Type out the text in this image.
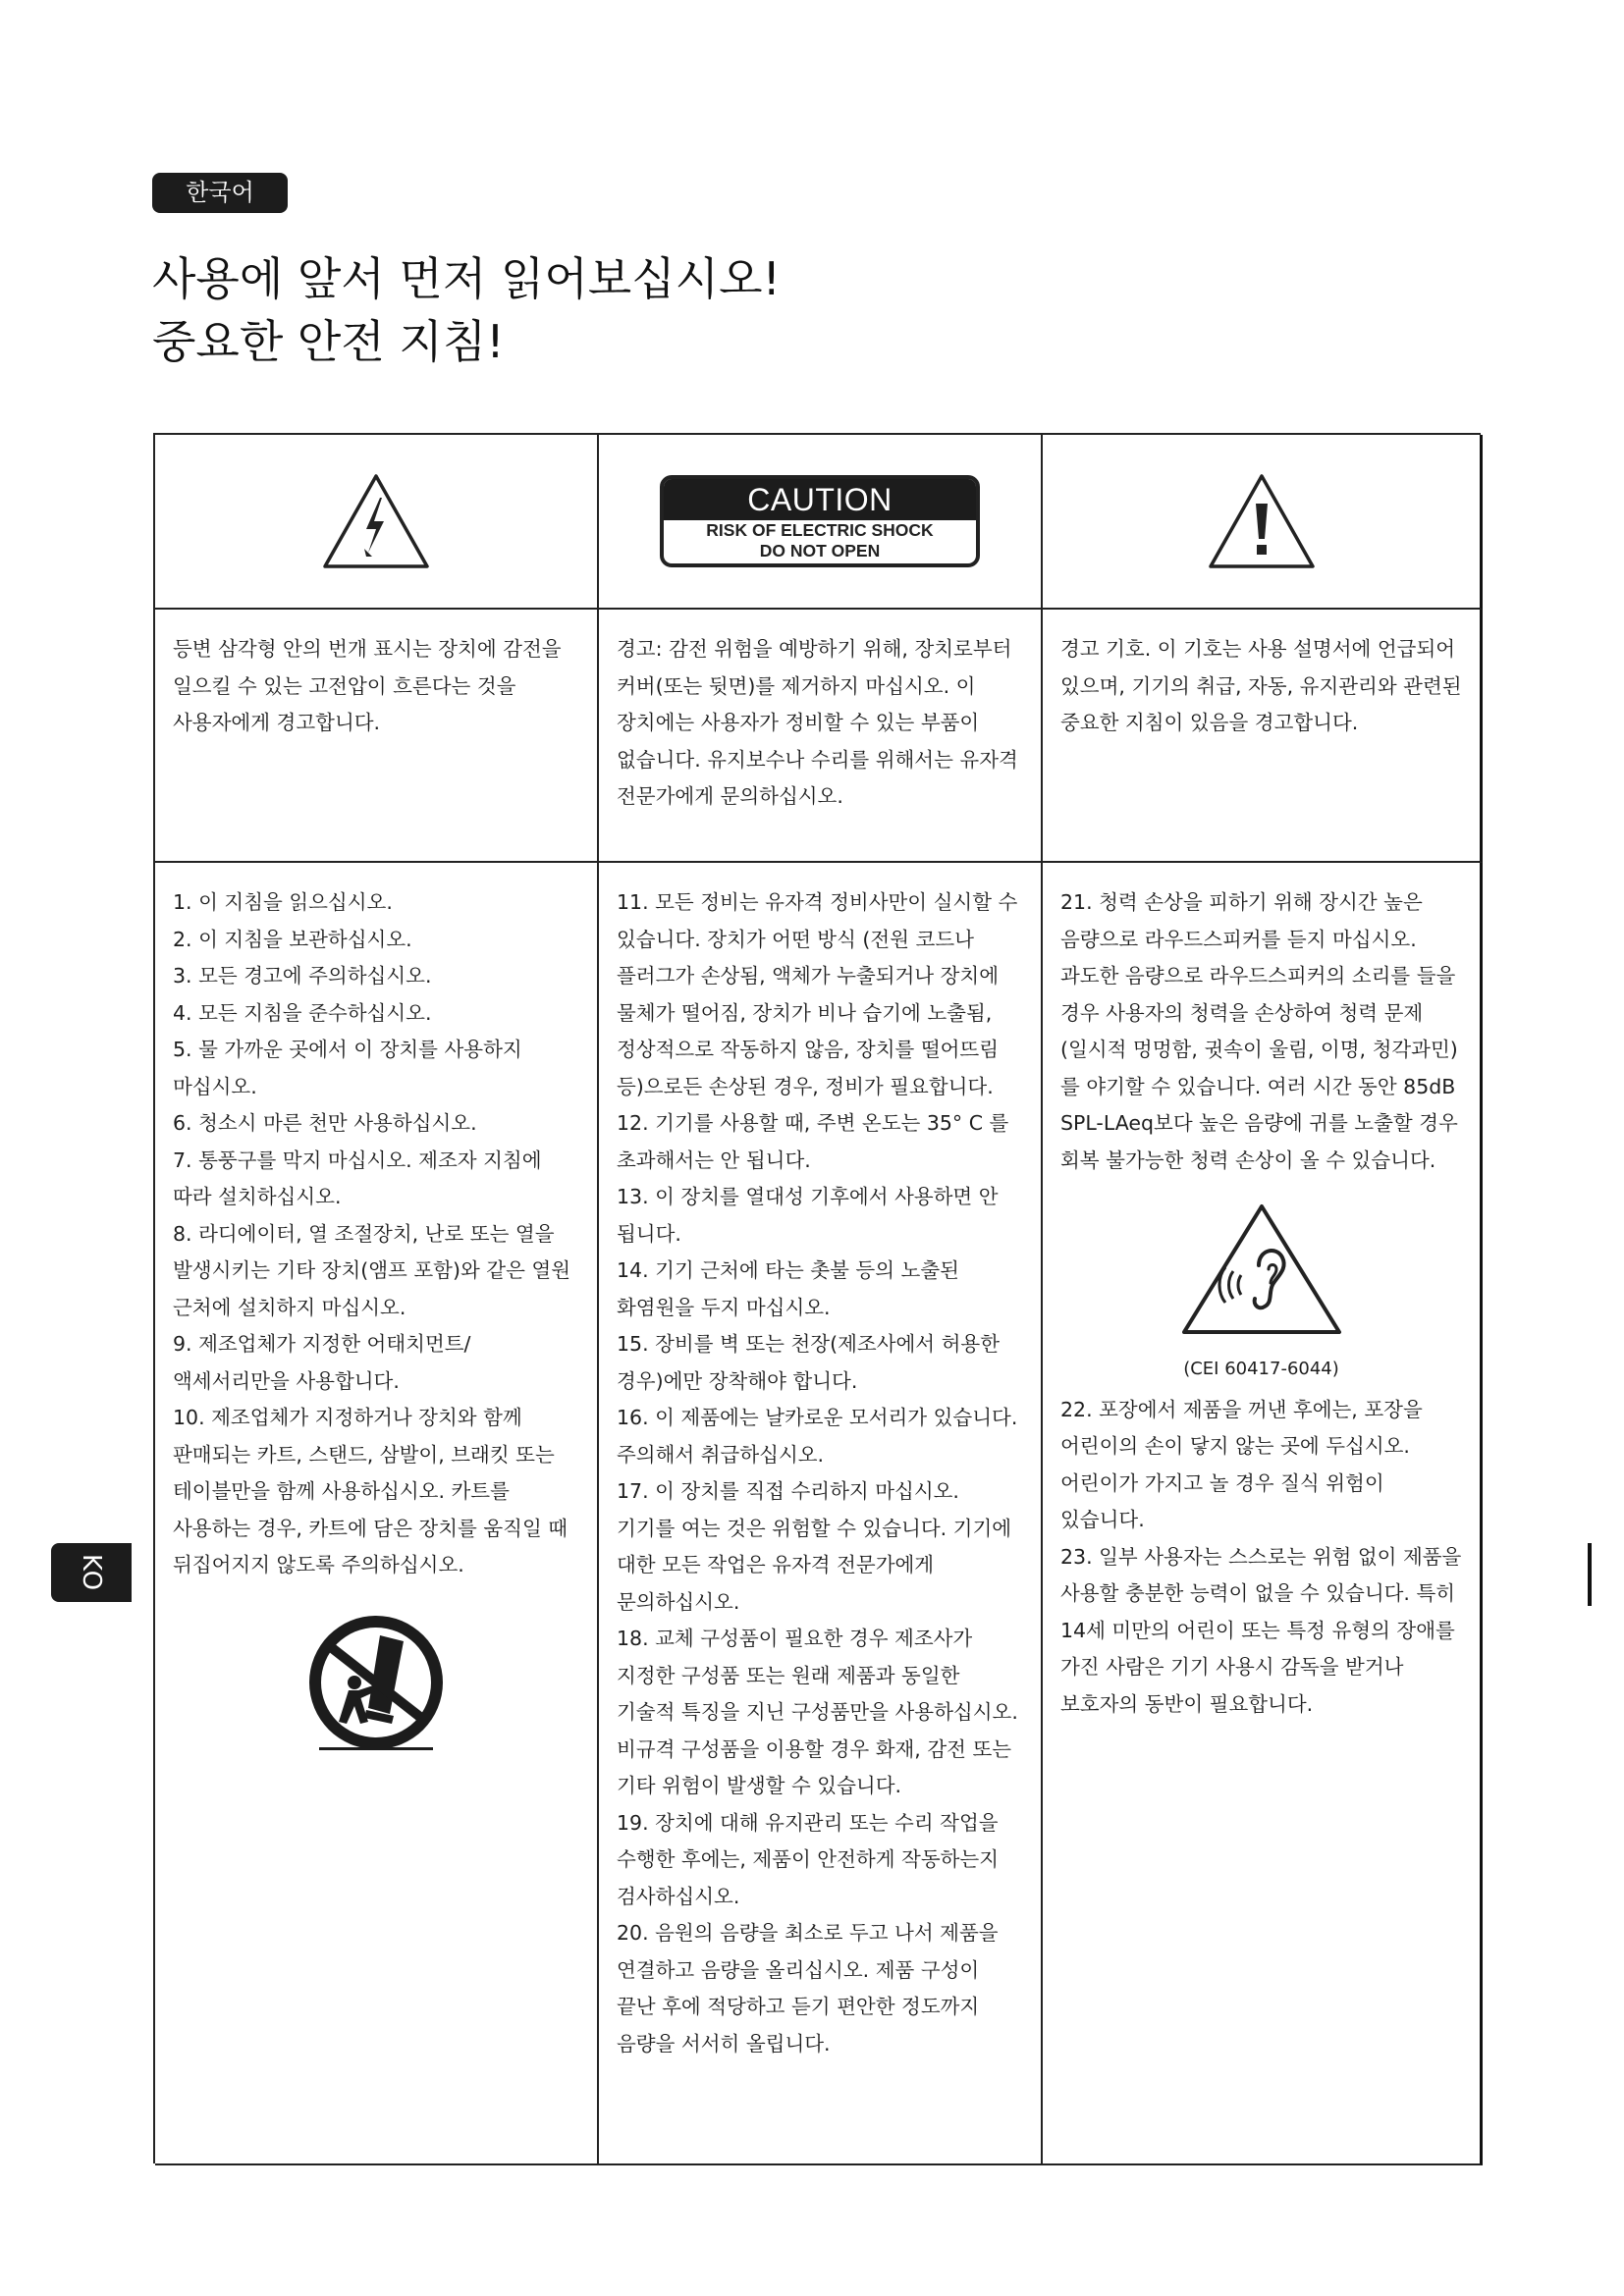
한국어
사용에 앞서 먼저 읽어보십시오!
중요한 안전 지침!
KO
CAUTION
RISK OF ELECTRIC SHOCK
DO NOT OPEN

등변 삼각형 안의 번개 표시는 장치에 감전을 일으킬 수 있는 고전압이 흐른다는 것을 사용자에게 경고합니다.

경고: 감전 위험을 예방하기 위해, 장치로부터 커버(또는 뒷면)를 제거하지 마십시오. 이 장치에는 사용자가 정비할 수 있는 부품이 없습니다. 유지보수나 수리를 위해서는 유자격 전문가에게 문의하십시오.

경고 기호. 이 기호는 사용 설명서에 언급되어 있으며, 기기의 취급, 자동, 유지관리와 관련된 중요한 지침이 있음을 경고합니다.

1. 이 지침을 읽으십시오.
2. 이 지침을 보관하십시오.
3. 모든 경고에 주의하십시오.
4. 모든 지침을 준수하십시오.
5. 물 가까운 곳에서 이 장치를 사용하지 마십시오.
6. 청소시 마른 천만 사용하십시오.
7. 통풍구를 막지 마십시오. 제조자 지침에 따라 설치하십시오.
8. 라디에이터, 열 조절장치, 난로 또는 열을 발생시키는 기타 장치(앰프 포함)와 같은 열원 근처에 설치하지 마십시오.
9. 제조업체가 지정한 어태치먼트/ 액세서리만을 사용합니다.
10. 제조업체가 지정하거나 장치와 함께 판매되는 카트, 스탠드, 삼발이, 브래킷 또는 테이블만을 함께 사용하십시오. 카트를 사용하는 경우, 카트에 담은 장치를 움직일 때 뒤집어지지 않도록 주의하십시오.
11. 모든 정비는 유자격 정비사만이 실시할 수 있습니다. 장치가 어떤 방식 (전원 코드나 플러그가 손상됨, 액체가 누출되거나 장치에 물체가 떨어짐, 장치가 비나 습기에 노출됨, 정상적으로 작동하지 않음, 장치를 떨어뜨림 등)으로든 손상된 경우, 정비가 필요합니다.
12. 기기를 사용할 때, 주변 온도는 35° C 를 초과해서는 안 됩니다.
13. 이 장치를 열대성 기후에서 사용하면 안 됩니다.
14. 기기 근처에 타는 촛불 등의 노출된 화염원을 두지 마십시오.
15. 장비를 벽 또는 천장(제조사에서 허용한 경우)에만 장착해야 합니다.
16. 이 제품에는 날카로운 모서리가 있습니다. 주의해서 취급하십시오.
17. 이 장치를 직접 수리하지 마십시오. 기기를 여는 것은 위험할 수 있습니다. 기기에 대한 모든 작업은 유자격 전문가에게 문의하십시오.
18. 교체 구성품이 필요한 경우 제조사가 지정한 구성품 또는 원래 제품과 동일한 기술적 특징을 지닌 구성품만을 사용하십시오. 비규격 구성품을 이용할 경우 화재, 감전 또는 기타 위험이 발생할 수 있습니다.
19. 장치에 대해 유지관리 또는 수리 작업을 수행한 후에는, 제품이 안전하게 작동하는지 검사하십시오.
20. 음원의 음량을 최소로 두고 나서 제품을 연결하고 음량을 올리십시오. 제품 구성이 끝난 후에 적당하고 듣기 편안한 정도까지 음량을 서서히 올립니다.
21. 청력 손상을 피하기 위해 장시간 높은 음량으로 라우드스피커를 듣지 마십시오. 과도한 음량으로 라우드스피커의 소리를 들을 경우 사용자의 청력을 손상하여 청력 문제(일시적 멍멍함, 귓속이 울림, 이명, 청각과민)를 야기할 수 있습니다. 여러 시간 동안 85dB SPL-LAeq보다 높은 음량에 귀를 노출할 경우 회복 불가능한 청력 손상이 올 수 있습니다.
(CEI 60417-6044)
22. 포장에서 제품을 꺼낸 후에는, 포장을 어린이의 손이 닿지 않는 곳에 두십시오. 어린이가 가지고 놀 경우 질식 위험이 있습니다.
23. 일부 사용자는 스스로는 위험 없이 제품을 사용할 충분한 능력이 없을 수 있습니다. 특히 14세 미만의 어린이 또는 특정 유형의 장애를 가진 사람은 기기 사용시 감독을 받거나 보호자의 동반이 필요합니다.
